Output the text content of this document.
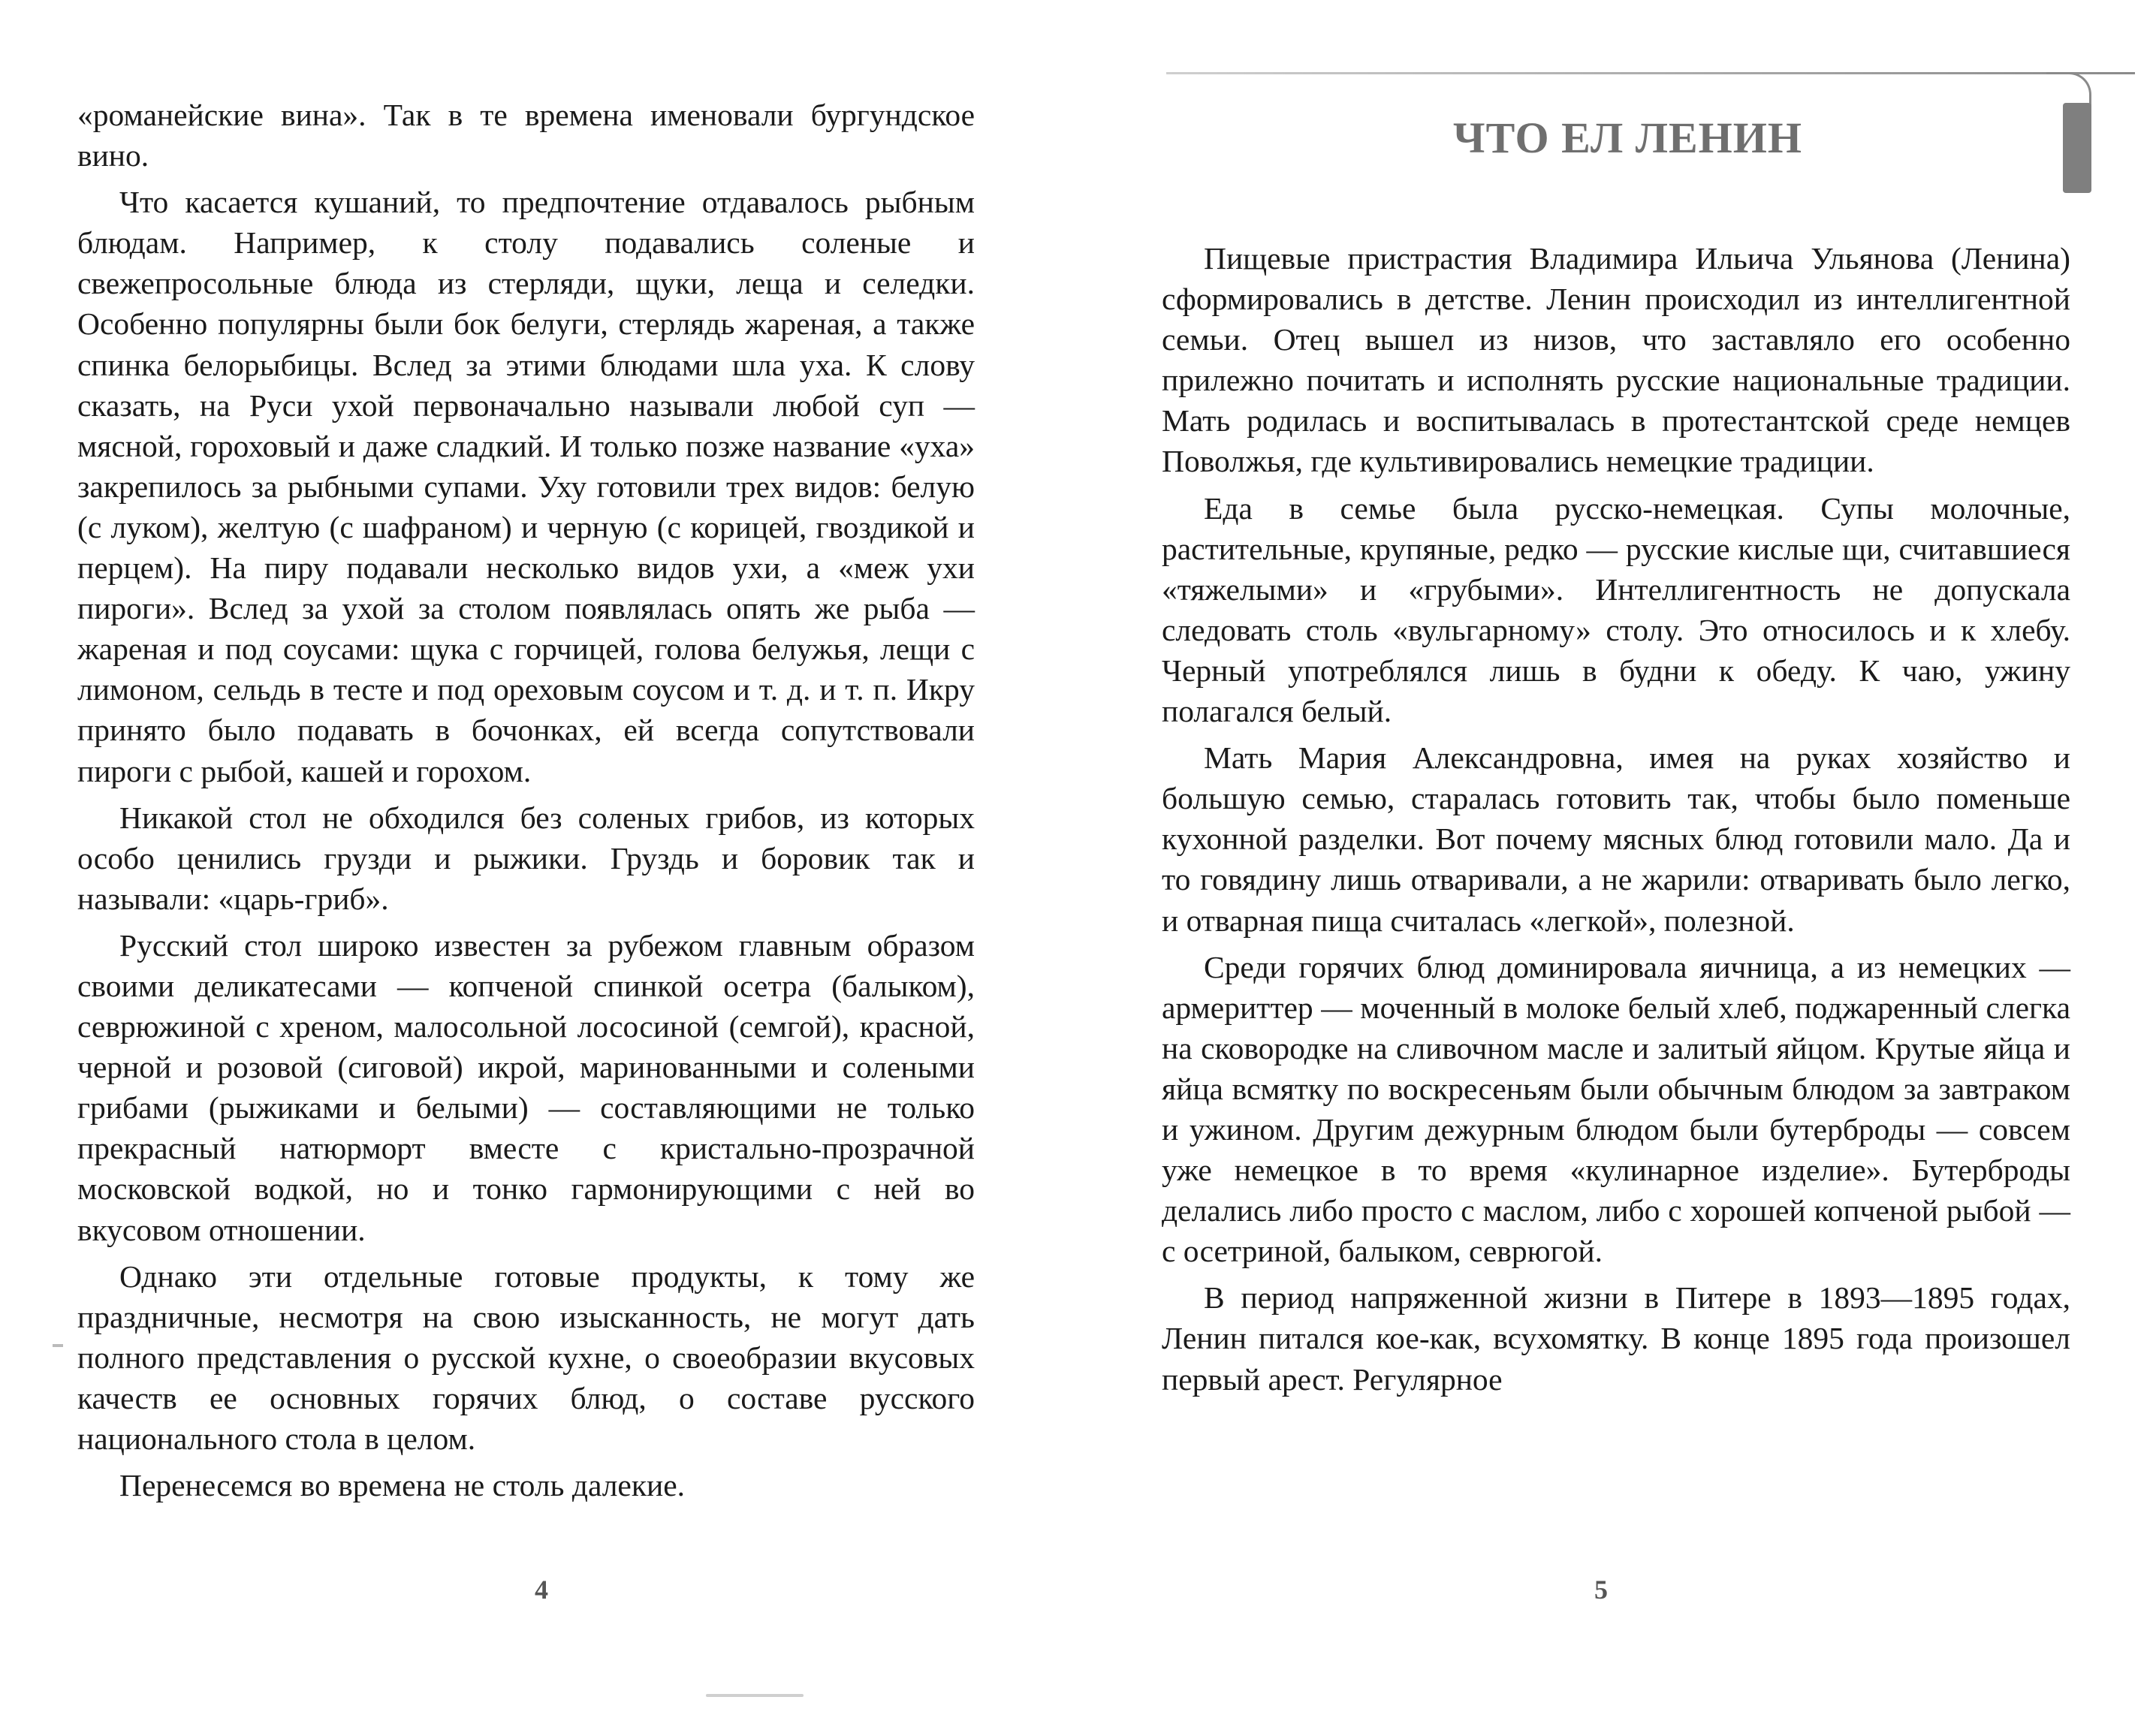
«романейские вина». Так в те времена именовали бургундское вино.

Что касается кушаний, то предпочтение отдавалось рыбным блюдам. Например, к столу подавались соленые и свежепросольные блюда из стерляди, щуки, леща и селедки. Особенно популярны были бок белуги, стерлядь жареная, а также спинка белорыбицы. Вслед за этими блюдами шла уха. К слову сказать, на Руси ухой первоначально называли любой суп — мясной, гороховый и даже сладкий. И только позже название «уха» закрепилось за рыбными супами. Уху готовили трех видов: белую (с луком), желтую (с шафраном) и черную (с корицей, гвоздикой и перцем). На пиру подавали несколько видов ухи, а «меж ухи пироги». Вслед за ухой за столом появлялась опять же рыба — жареная и под соусами: щука с горчицей, голова белужья, лещи с лимоном, сельдь в тесте и под ореховым соусом и т. д. и т. п. Икру принято было подавать в бочонках, ей всегда сопутствовали пироги с рыбой, кашей и горохом.

Никакой стол не обходился без соленых грибов, из которых особо ценились грузди и рыжики. Груздь и боровик так и называли: «царь-гриб».

Русский стол широко известен за рубежом главным образом своими деликатесами — копченой спинкой осетра (балыком), севрюжиной с хреном, малосольной лососиной (семгой), красной, черной и розовой (сиговой) икрой, маринованными и солеными грибами (рыжиками и белыми) — составляющими не только прекрасный натюрморт вместе с кристально-прозрачной московской водкой, но и тонко гармонирующими с ней во вкусовом отношении.

Однако эти отдельные готовые продукты, к тому же праздничные, несмотря на свою изысканность, не могут дать полного представления о русской кухне, о своеобразии вкусовых качеств ее основных горячих блюд, о составе русского национального стола в целом.

Перенесемся во времена не столь далекие.

4
ЧТО ЕЛ ЛЕНИН

Пищевые пристрастия Владимира Ильича Ульянова (Ленина) сформировались в детстве. Ленин происходил из интеллигентной семьи. Отец вышел из низов, что заставляло его особенно прилежно почитать и исполнять русские национальные традиции. Мать родилась и воспитывалась в протестантской среде немцев Поволжья, где культивировались немецкие традиции.

Еда в семье была русско-немецкая. Супы молочные, растительные, крупяные, редко — русские кислые щи, считавшиеся «тяжелыми» и «грубыми». Интеллигентность не допускала следовать столь «вульгарному» столу. Это относилось и к хлебу. Черный употреблялся лишь в будни к обеду. К чаю, ужину полагался белый.

Мать Мария Александровна, имея на руках хозяйство и большую семью, старалась готовить так, чтобы было поменьше кухонной разделки. Вот почему мясных блюд готовили мало. Да и то говядину лишь отваривали, а не жарили: отваривать было легко, и отварная пища считалась «легкой», полезной.

Среди горячих блюд доминировала яичница, а из немецких — армериттер — моченный в молоке белый хлеб, поджаренный слегка на сковородке на сливочном масле и залитый яйцом. Крутые яйца и яйца всмятку по воскресеньям были обычным блюдом за завтраком и ужином. Другим дежурным блюдом были бутерброды — совсем уже немецкое в то время «кулинарное изделие». Бутерброды делались либо просто с маслом, либо с хорошей копченой рыбой — с осетриной, балыком, севрюгой.

В период напряженной жизни в Питере в 1893—1895 годах, Ленин питался кое-как, всухомятку. В конце 1895 года произошел первый арест. Регулярное

5
